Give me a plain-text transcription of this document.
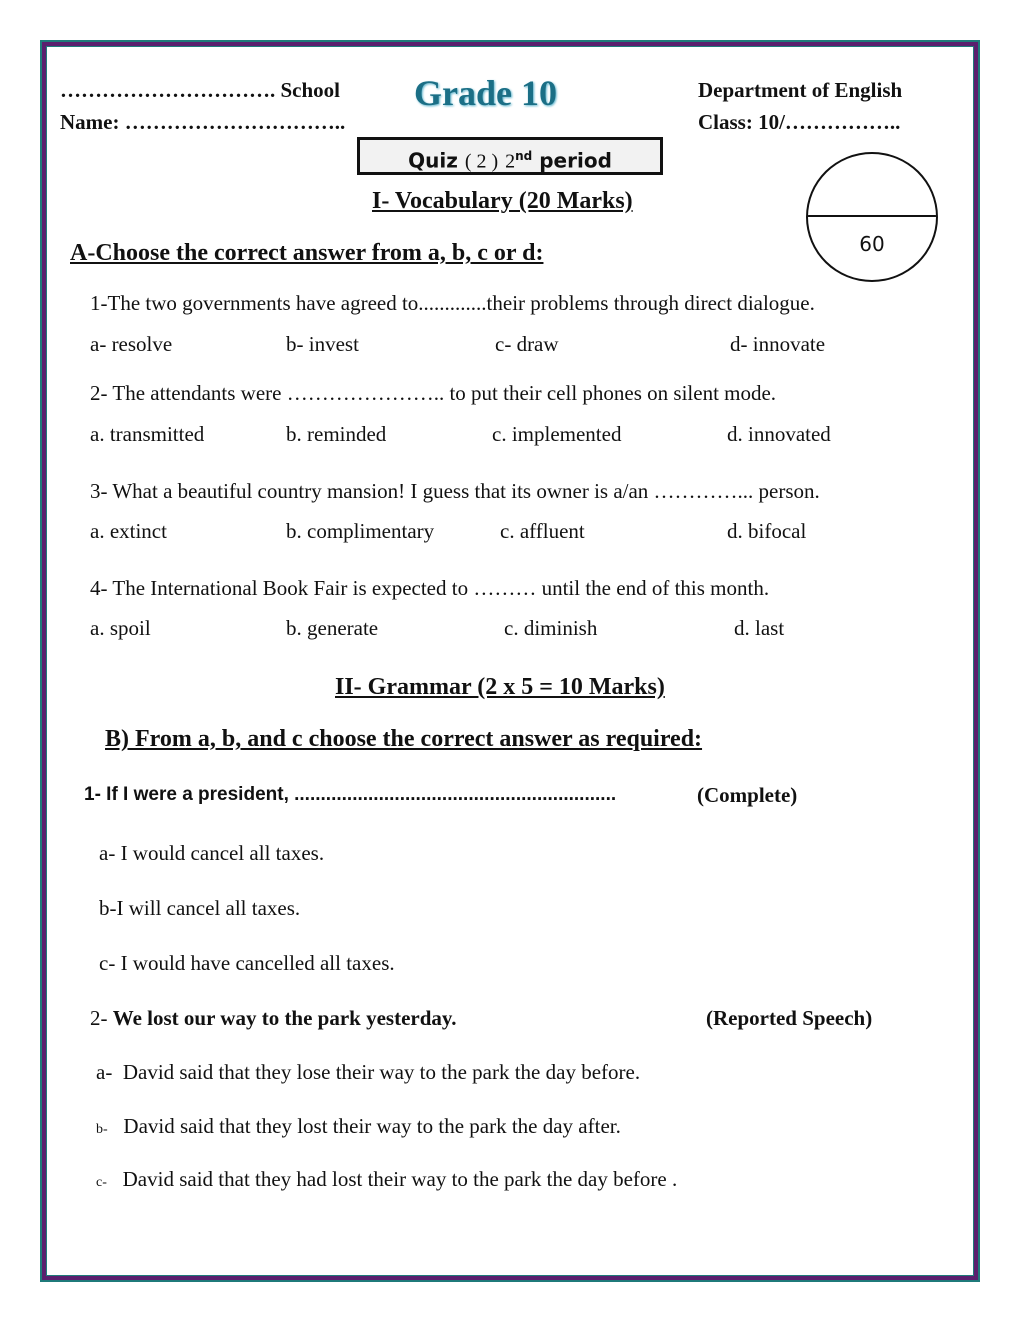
…………………………. School
Name: …………………………..
Grade 10	Department of English
Class: 10/……………..
Quiz ( 2 ) 2nd period
60
I- Vocabulary (20 Marks)
A-Choose the correct answer from a, b, c or d:
1-The two governments have agreed to.............their problems through direct dialogue.
a- resolve	b- invest	c- draw	d- innovate
2- The attendants were ………………….. to put their cell phones on silent mode.
a. transmitted	b. reminded	c. implemented	d. innovated
3- What a beautiful country mansion! I guess that its owner is a/an …………... person.
a. extinct	b. complimentary	c. affluent	d. bifocal
4- The International Book Fair is expected to ……… until the end of this month.
a. spoil	b. generate	c. diminish	d. last
II- Grammar (2 x 5 = 10 Marks)
B) From a, b, and c choose the correct answer as required:
1- If I were a president, .............................................................	(Complete)
a- I would cancel all taxes.
b-I will cancel all taxes.
c- I would have cancelled all taxes.
2- We lost our way to the park yesterday.	(Reported Speech)
a- David said that they lose their way to the park the day before.
b- David said that they lost their way to the park the day after.
c- David said that they had lost their way to the park the day before .
